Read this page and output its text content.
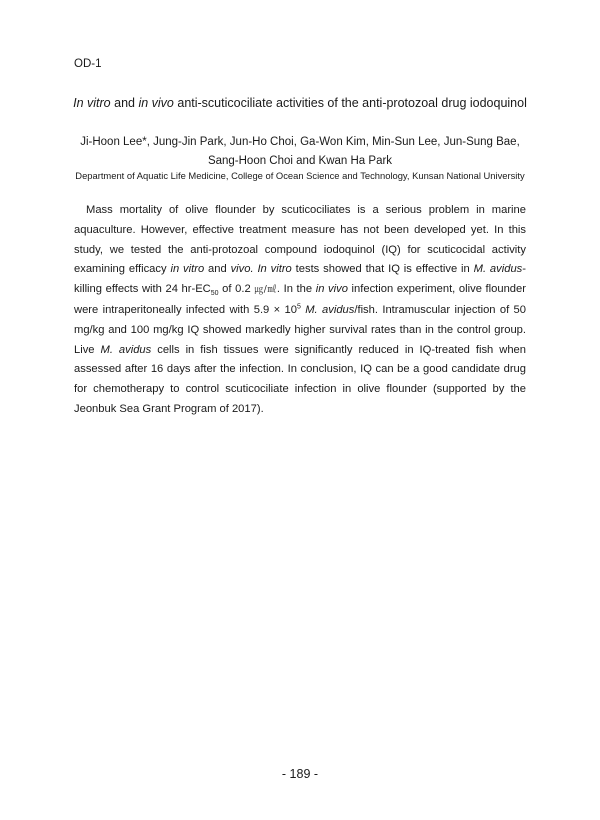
OD-1

In vitro and in vivo anti-scuticociliate activities of the anti-protozoal drug iodoquinol

Ji-Hoon Lee*, Jung-Jin Park, Jun-Ho Choi, Ga-Won Kim, Min-Sun Lee, Jun-Sung Bae,
Sang-Hoon Choi and Kwan Ha Park

Department of Aquatic Life Medicine, College of Ocean Science and Technology, Kunsan National University

Mass mortality of olive flounder by scuticociliates is a serious problem in marine aquaculture. However, effective treatment measure has not been developed yet. In this study, we tested the anti-protozoal compound iodoquinol (IQ) for scuticocidal activity examining efficacy in vitro and vivo. In vitro tests showed that IQ is effective in M. avidus-killing effects with 24 $hr-EC_{50}$ of 0.2 ㎍/㎖. In the in vivo infection experiment, olive flounder were intraperitoneally infected with $5.9 \times 10^5$ M. avidus/fish. Intramuscular injection of 50 mg/kg and 100 mg/kg IQ showed markedly higher survival rates than in the control group. Live M. avidus cells in fish tissues were significantly reduced in IQ-treated fish when assessed after 16 days after the infection. In conclusion, IQ can be a good candidate drug for chemotherapy to control scuticociliate infection in olive flounder (supported by the Jeonbuk Sea Grant Program of 2017).

- 189 -
